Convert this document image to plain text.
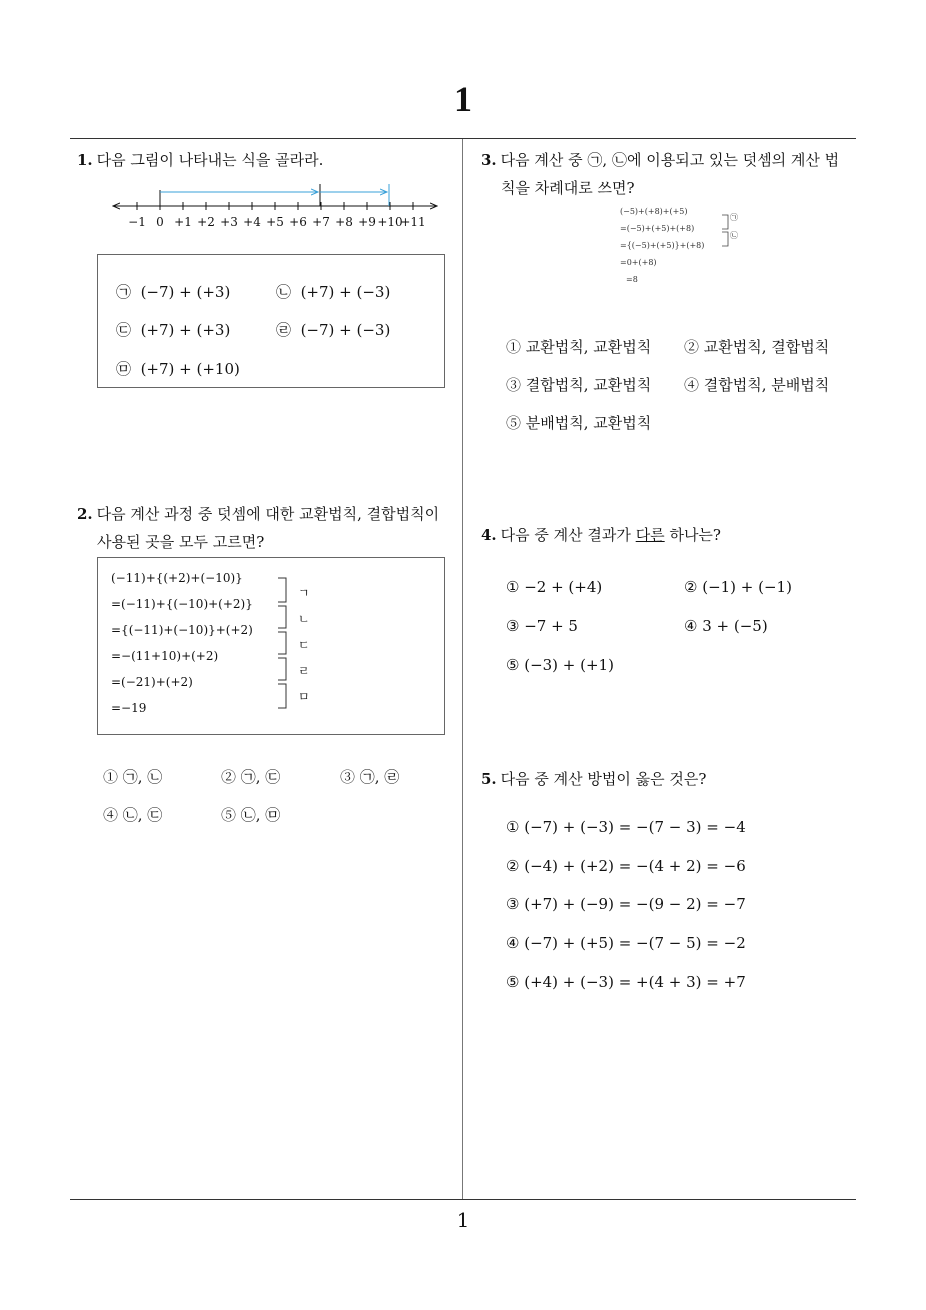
1
1
1. 다음 그림이 나타내는 식을 골라라.
−1 0 +1 +2 +3 +4 +5 +6 +7 +8 +9 +10
+11
㉠ (−7) + (+3)	㉡ (+7) + (−3)
㉢ (+7) + (+3)	㉣ (−7) + (−3)
㉤ (+7) + (+10)
2. 다음 계산 과정 중 덧셈에 대한 교환법칙, 결합법칙이
사용된 곳을 모두 고르면?
(−11)+{(+2)+(−10)}
=(−11)+{(−10)+(+2)}
={(−11)+(−10)}+(+2)
=−(11+10)+(+2)
=(−21)+(+2)
=−19
ㄱ
ㄴ
ㄷ
ㄹ
ㅁ
① ㉠, ㉡	② ㉠, ㉢	③ ㉠, ㉣
④ ㉡, ㉢	⑤ ㉡, ㉤
3. 다음 계산 중 ㉠, ㉡에 이용되고 있는 덧셈의 계산 법
칙을 차례대로 쓰면?
(−5)+(+8)+(+5)
=(−5)+(+5)+(+8)
={(−5)+(+5)}+(+8)
=0+(+8)
=8
㉠
㉡
① 교환법칙, 교환법칙 ② 교환법칙, 결합법칙
③ 결합법칙, 교환법칙 ④ 결합법칙, 분배법칙
⑤ 분배법칙, 교환법칙
4. 다음 중 계산 결과가 다른 하나는?
① −2 + (+4)	② (−1) + (−1)
③ −7 + 5	④ 3 + (−5)
⑤ (−3) + (+1)
5. 다음 중 계산 방법이 옳은 것은?
① (−7) + (−3) = −(7 − 3) = −4
② (−4) + (+2) = −(4 + 2) = −6
③ (+7) + (−9) = −(9 − 2) = −7
④ (−7) + (+5) = −(7 − 5) = −2
⑤ (+4) + (−3) = +(4 + 3) = +7
